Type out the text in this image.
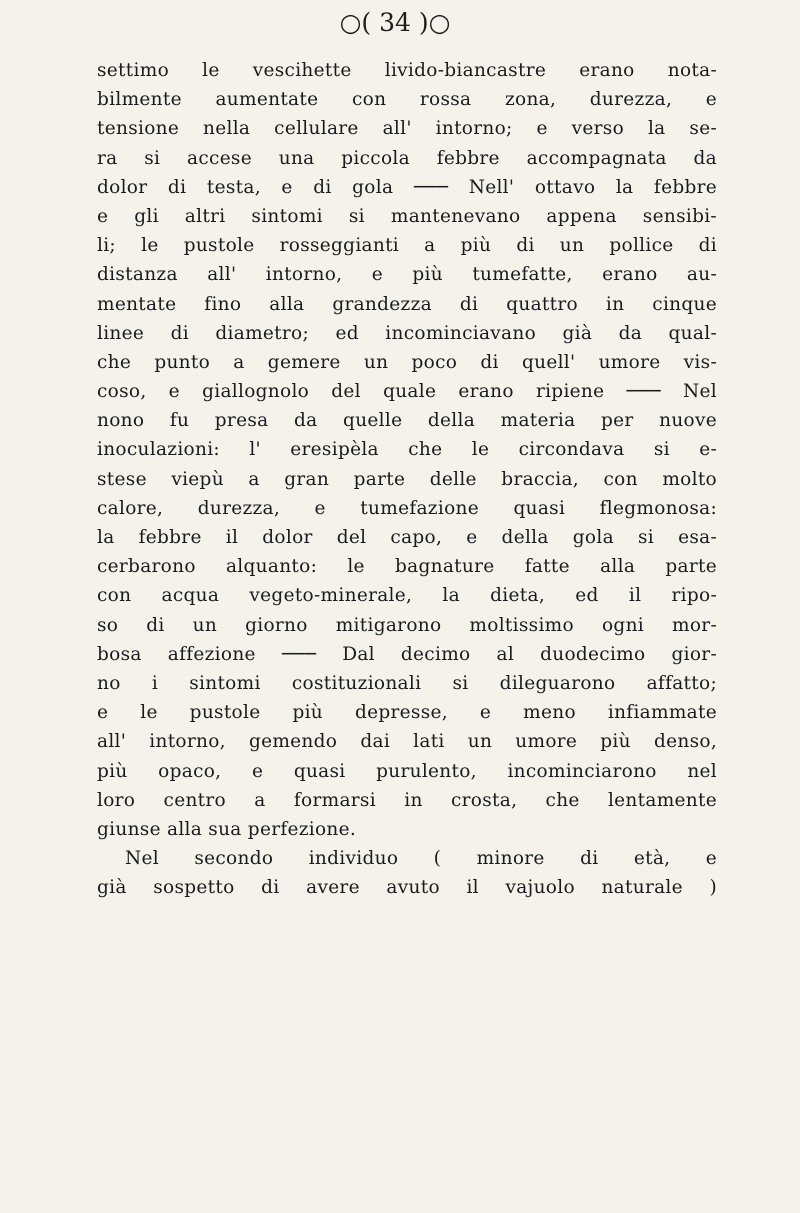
○( 34 )○
settimo le vescihette livido-biancastre erano nota-
bilmente aumentate con rossa zona, durezza, e
tensione nella cellulare all' intorno; e verso la se-
ra si accese una piccola febbre accompagnata da
dolor di testa, e di gola ─── Nell' ottavo la febbre
e gli altri sintomi si mantenevano appena sensibi-
li; le pustole rosseggianti a più di un pollice di
distanza all' intorno, e più tumefatte, erano au-
mentate fino alla grandezza di quattro in cinque
linee di diametro; ed incominciavano già da qual-
che punto a gemere un poco di quell' umore vis-
coso, e giallognolo del quale erano ripiene ─── Nel
nono fu presa da quelle della materia per nuove
inoculazioni: l' eresipèla che le circondava si e-
stese viepù a gran parte delle braccia, con molto
calore, durezza, e tumefazione quasi flegmonosa:
la febbre il dolor del capo, e della gola si esa-
cerbarono alquanto: le bagnature fatte alla parte
con acqua vegeto-minerale, la dieta, ed il ripo-
so di un giorno mitigarono moltissimo ogni mor-
bosa affezione ─── Dal decimo al duodecimo gior-
no i sintomi costituzionali si dileguarono affatto;
e le pustole più depresse, e meno infiammate
all' intorno, gemendo dai lati un umore più denso,
più opaco, e quasi purulento, incominciarono nel
loro centro a formarsi in crosta, che lentamente
giunse alla sua perfezione.
Nel secondo individuo ( minore di età, e
già sospetto di avere avuto il vajuolo naturale )
